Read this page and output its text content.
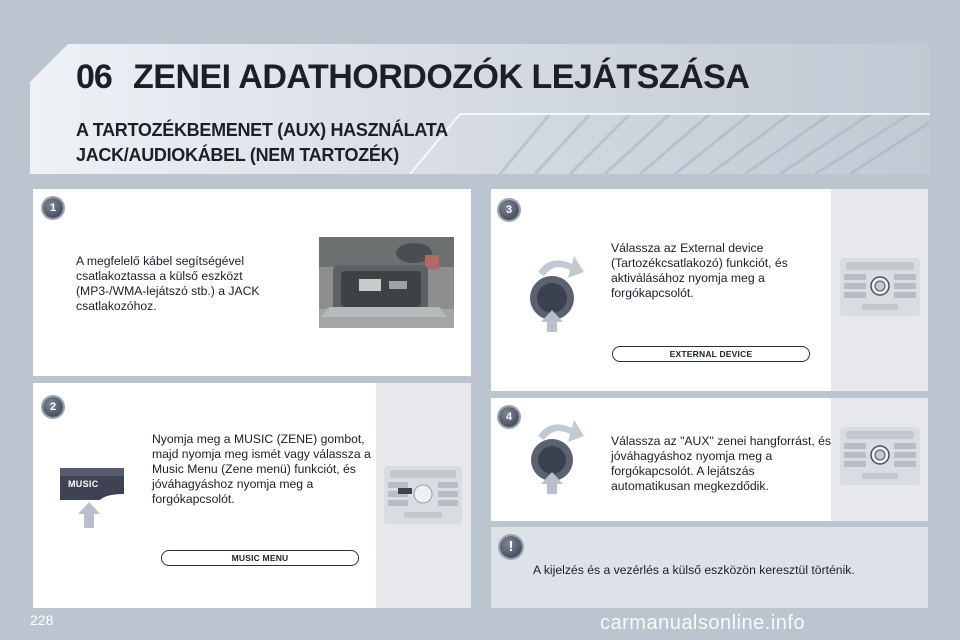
06 ZENEI ADATHORDOZÓK LEJÁTSZÁSA
A TARTOZÉKBEMENET (AUX) HASZNÁLATA
JACK/AUDIOKÁBEL (NEM TARTOZÉK)
1
A megfelelő kábel segítségével csatlakoztassa a külső eszközt (MP3-/WMA-lejátszó stb.) a JACK csatlakozóhoz.
2
Nyomja meg a MUSIC (ZENE) gombot, majd nyomja meg ismét vagy válassza a Music Menu (Zene menü) funkciót, és jóváhagyáshoz nyomja meg a forgókapcsolót.
MUSIC
MUSIC MENU
3
Válassza az External device (Tartozékcsatlakozó) funkciót, és aktiválásához nyomja meg a forgókapcsolót.
EXTERNAL DEVICE
4
Válassza az "AUX" zenei hangforrást, és jóváhagyáshoz nyomja meg a forgókapcsolót. A lejátszás automatikusan megkezdődik.
!
A kijelzés és a vezérlés a külső eszközön keresztül történik.
228	carmanualsonline.info
